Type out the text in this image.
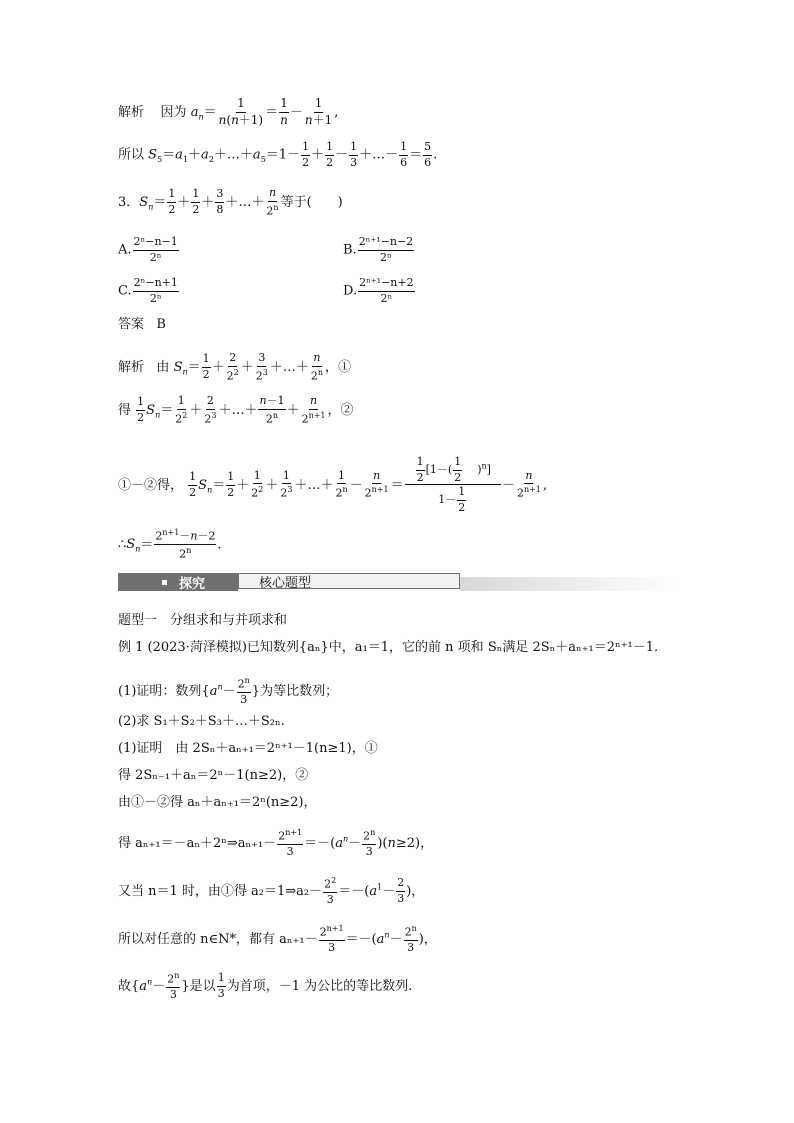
解析 因为 $a_n= \frac{1}{n(n+1)} = \frac{1}{n} - \frac{1}{n+1}$ ,
所以 $S_5=a_1+a_2+\dots+a_5=1- \frac{1}{2} + \frac{1}{2} - \frac{1}{3}$ ＋…－ $\frac{1}{6} = \frac{5}{6}$ .
3．$S_n= \frac{1}{2} + \frac{1}{2} + \frac{3}{8}$ ＋…＋ $\frac{n}{2^n}$ 等于(　　)
A. $\frac{\text{2ⁿ−n−1}}{\text{2ⁿ}}$	B. $\frac{\text{2ⁿ⁺¹−n−2}}{\text{2ⁿ}}$
C. $\frac{\text{2ⁿ−n+1}}{\text{2ⁿ}}$	D. $\frac{\text{2ⁿ⁺¹−n+2}}{\text{2ⁿ}}$
答案 B
解析 由 $S_n= \frac{1}{2} + \frac{2}{2^2} + \frac{3}{2^3}$ ＋…＋ $\frac{n}{2^n}$ ，①
得 $\frac{1}{2} S_n= \frac{1}{2^2} + \frac{2}{2^3}$ ＋…＋ $\frac{n-1}{2^n} + \frac{n}{2^{n+1}}$ ，②
①－②得， $\frac{1}{2} S_n= \frac{1}{2} + \frac{1}{2^2} + \frac{1}{2^3}$ ＋…＋ $\frac{1}{2^n} - \frac{n}{2^{n+1}} = \frac{\frac{1}{2} [1-( \frac{1}{2} )^n]}{1- \frac{1}{2}} - \frac{n}{2^{n+1}}$ ,
$\therefore S_n= \frac{2^{n+1}-n-2}{2^n}$ .
探究	核心题型
题型一　分组求和与并项求和
例 1 (2023·菏泽模拟)已知数列{aₙ}中，a₁＝1，它的前 n 项和 Sₙ满足 2Sₙ＋aₙ₊₁＝2ⁿ⁺¹－1.
(1)证明：数列{$a^n- \frac{2^n}{3}$ }为等比数列；
(2)求 S₁＋S₂＋S₃＋…＋S₂ₙ.
(1)证明　由 2Sₙ＋aₙ₊₁＝2ⁿ⁺¹－1(n≥1)，①
得 2Sₙ₋₁＋aₙ＝2ⁿ－1(n≥2)，②
由①－②得 aₙ＋aₙ₊₁＝2ⁿ(n≥2)，
得 aₙ₊₁＝－aₙ＋2ⁿ⇒aₙ₊₁－ $\frac{2^{n+1}}{3} =-(a^n- \frac{2^n}{3} )(n\ge 2)$，
又当 n＝1 时，由①得 a₂＝1⇒a₂－ $\frac{2^2}{3} =-(a^1- \frac{2}{3}$ )，
所以对任意的 n∈N*，都有 $a_{n+1}- \frac{2^{n+1}}{3} =-(a^n- \frac{2^n}{3}$ )，
故{$a^n- \frac{2^n}{3}$ }是以 $\frac{1}{3}$ 为首项，－1 为公比的等比数列.
